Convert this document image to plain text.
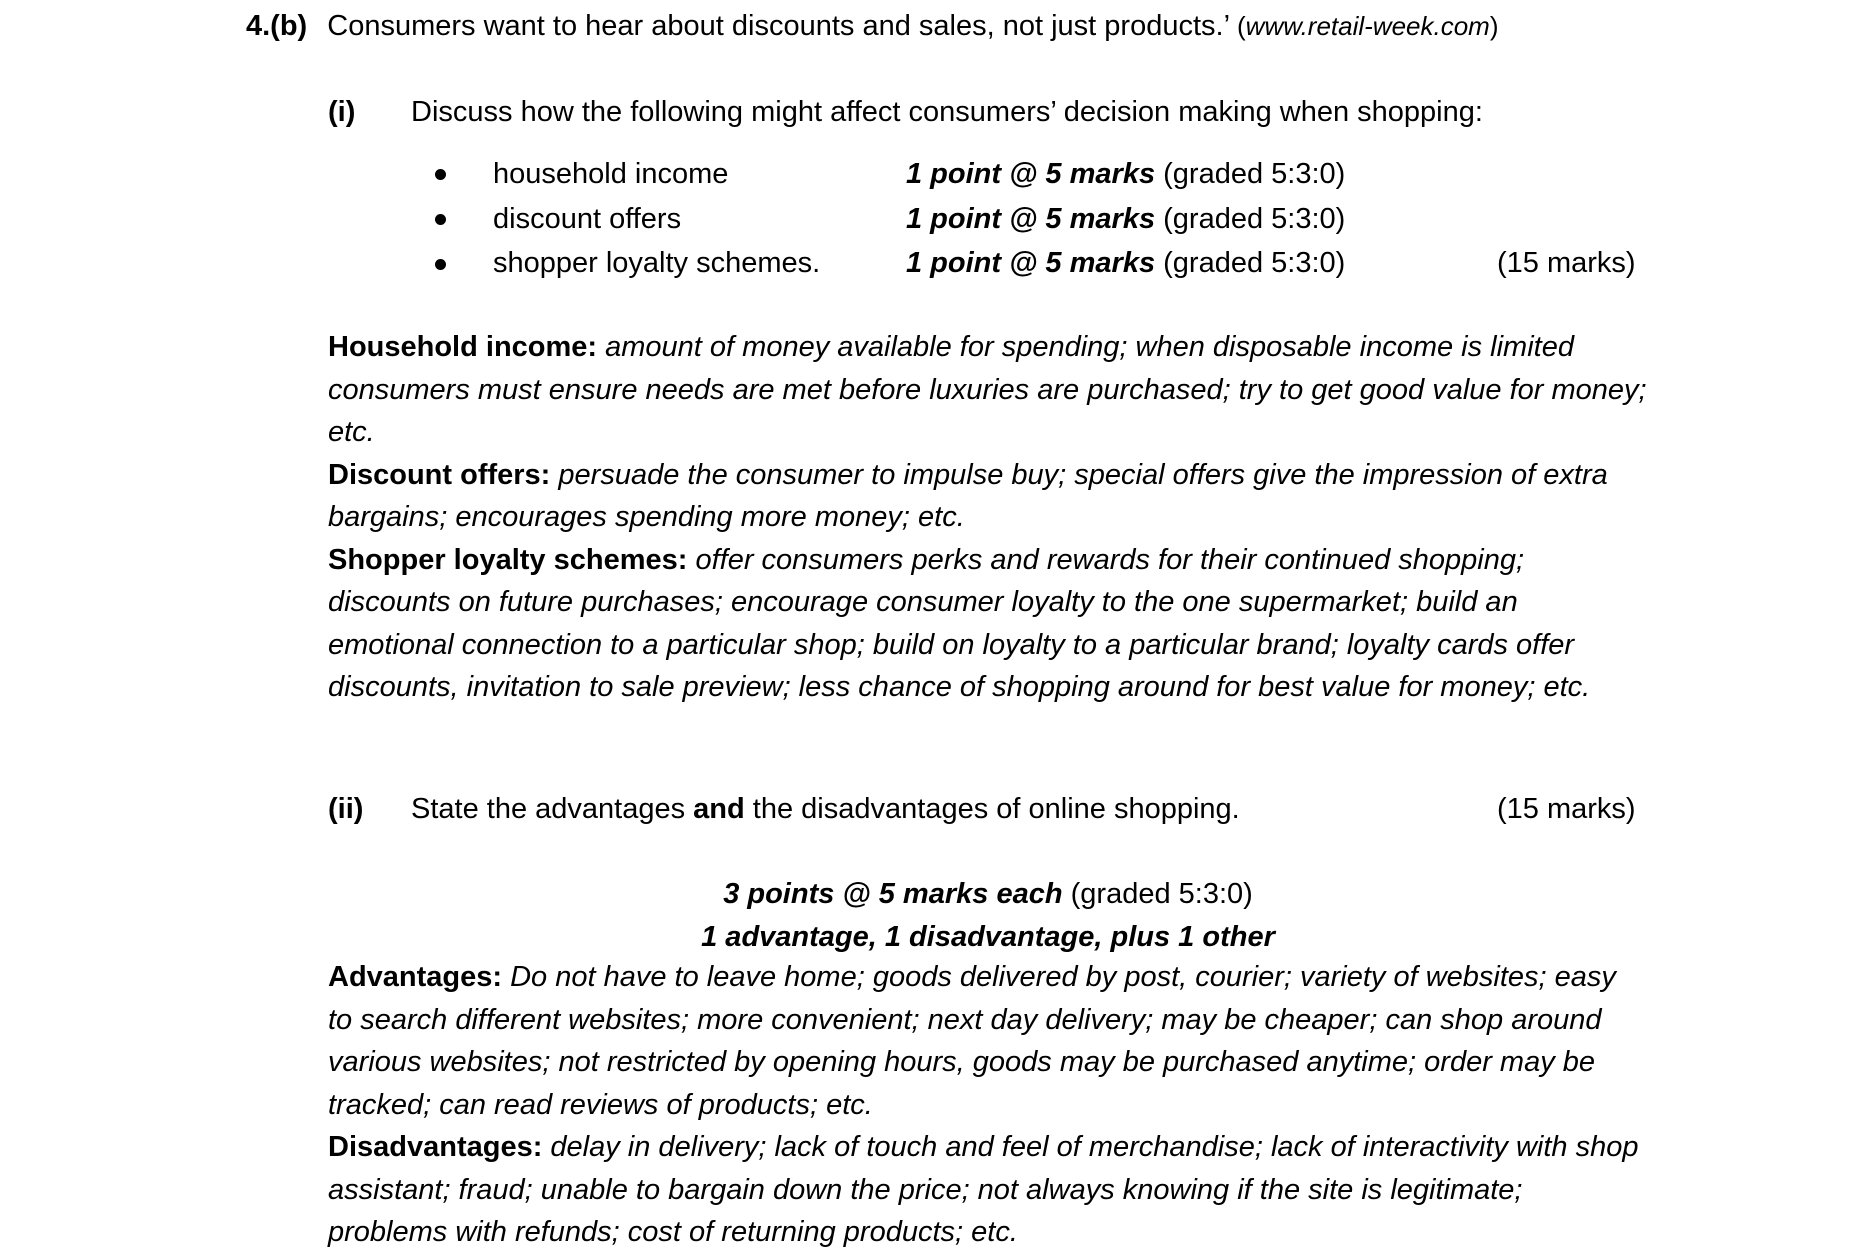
4.(b) Consumers want to hear about discounts and sales, not just products.’ (www.retail-week.com)
(i) Discuss how the following might affect consumers’ decision making when shopping:
household income	1 point @ 5 marks (graded 5:3:0)
discount offers	1 point @ 5 marks (graded 5:3:0)
shopper loyalty schemes.	1 point @ 5 marks (graded 5:3:0)	(15 marks)
Household income: amount of money available for spending; when disposable income is limited consumers must ensure needs are met before luxuries are purchased; try to get good value for money; etc.
Discount offers: persuade the consumer to impulse buy; special offers give the impression of extra bargains; encourages spending more money; etc.
Shopper loyalty schemes: offer consumers perks and rewards for their continued shopping; discounts on future purchases; encourage consumer loyalty to the one supermarket; build an emotional connection to a particular shop; build on loyalty to a particular brand; loyalty cards offer discounts, invitation to sale preview; less chance of shopping around for best value for money; etc.
(ii) State the advantages and the disadvantages of online shopping.	(15 marks)
3 points @ 5 marks each (graded 5:3:0)
1 advantage, 1 disadvantage, plus 1 other
Advantages: Do not have to leave home; goods delivered by post, courier; variety of websites; easy to search different websites; more convenient; next day delivery; may be cheaper; can shop around various websites; not restricted by opening hours, goods may be purchased anytime; order may be tracked; can read reviews of products; etc.
Disadvantages: delay in delivery; lack of touch and feel of merchandise; lack of interactivity with shop assistant; fraud; unable to bargain down the price; not always knowing if the site is legitimate; problems with refunds; cost of returning products; etc.
